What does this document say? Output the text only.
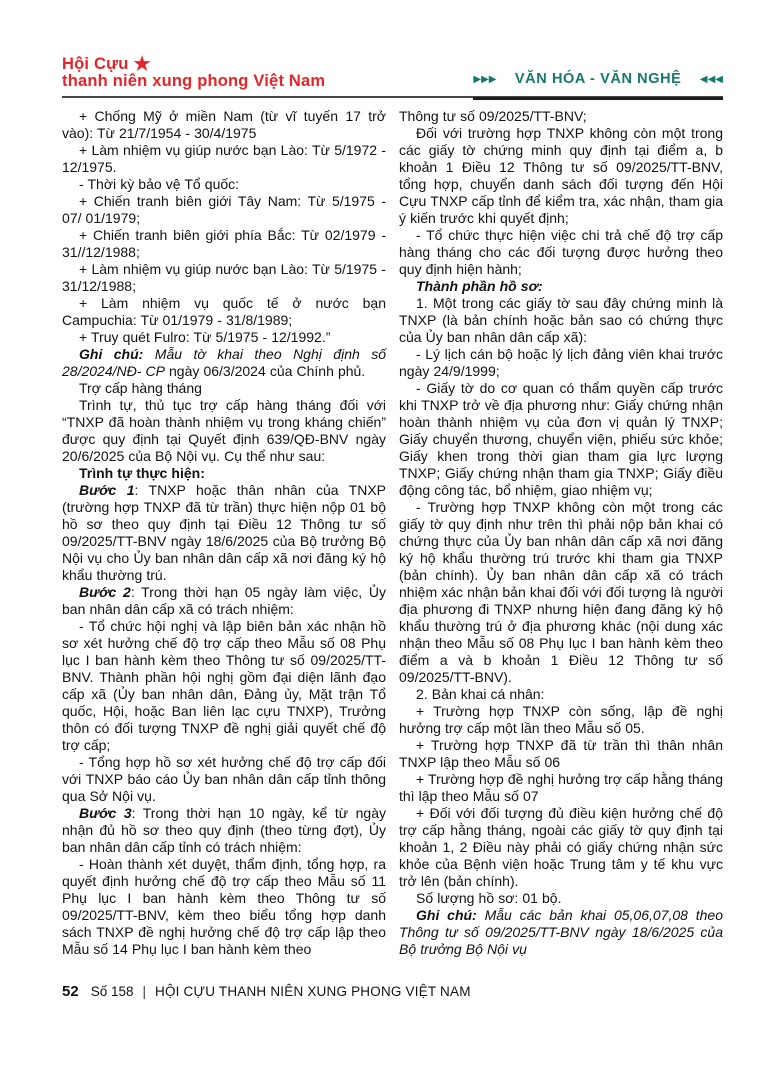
Hội Cựu ★
thanh niên xung phong Việt Nam	▶▶▶ VĂN HÓA - VĂN NGHỆ ◀◀◀

+ Chống Mỹ ở miền Nam (từ vĩ tuyến 17 trở vào): Từ 21/7/1954 - 30/4/1975

+ Làm nhiệm vụ giúp nước bạn Lào: Từ 5/1972 - 12/1975.

- Thời kỳ bảo vệ Tổ quốc:

+ Chiến tranh biên giới Tây Nam: Từ 5/1975 - 07/ 01/1979;

+ Chiến tranh biên giới phía Bắc: Từ 02/1979 - 31//12/1988;

+ Làm nhiệm vụ giúp nước bạn Lào: Từ 5/1975 - 31/12/1988;

+ Làm nhiệm vụ quốc tế ở nước bạn Campuchia: Từ 01/1979 - 31/8/1989;

+ Truy quét Fulro: Từ 5/1975 - 12/1992.”

Ghi chú: Mẫu tờ khai theo Nghị định số 28/2024/NĐ- CP ngày 06/3/2024 của Chính phủ.

Trợ cấp hàng tháng

Trình tự, thủ tục trợ cấp hàng tháng đối với “TNXP đã hoàn thành nhiệm vụ trong kháng chiến” được quy định tại Quyết định 639/QĐ-BNV ngày 20/6/2025 của Bộ Nội vụ. Cụ thể như sau:

Trình tự thực hiện:

Bước 1: TNXP hoặc thân nhân của TNXP (trường hợp TNXP đã từ trần) thực hiện nộp 01 bộ hồ sơ theo quy định tại Điều 12 Thông tư số 09/2025/TT-BNV ngày 18/6/2025 của Bộ trưởng Bộ Nội vụ cho Ủy ban nhân dân cấp xã nơi đăng ký hộ khẩu thường trú.

Bước 2: Trong thời hạn 05 ngày làm việc, Ủy ban nhân dân cấp xã có trách nhiệm:

- Tổ chức hội nghị và lập biên bản xác nhận hồ sơ xét hưởng chế độ trợ cấp theo Mẫu số 08 Phụ lục I ban hành kèm theo Thông tư số 09/2025/TT-BNV. Thành phần hội nghị gồm đại diện lãnh đạo cấp xã (Ủy ban nhân dân, Đảng ủy, Mặt trận Tổ quốc, Hội, hoặc Ban liên lạc cựu TNXP), Trưởng thôn có đối tượng TNXP đề nghị giải quyết chế độ trợ cấp;

- Tổng hợp hồ sơ xét hưởng chế độ trợ cấp đối với TNXP báo cáo Ủy ban nhân dân cấp tỉnh thông qua Sở Nội vụ.

Bước 3: Trong thời hạn 10 ngày, kể từ ngày nhận đủ hồ sơ theo quy định (theo từng đợt), Ủy ban nhân dân cấp tỉnh có trách nhiệm:

- Hoàn thành xét duyệt, thẩm định, tổng hợp, ra quyết định hưởng chế độ trợ cấp theo Mẫu số 11 Phụ lục I ban hành kèm theo Thông tư số 09/2025/TT-BNV, kèm theo biểu tổng hợp danh sách TNXP đề nghị hưởng chế độ trợ cấp lập theo Mẫu số 14 Phụ lục I ban hành kèm theo

Thông tư số 09/2025/TT-BNV;

Đối với trường hợp TNXP không còn một trong các giấy tờ chứng minh quy định tại điểm a, b khoản 1 Điều 12 Thông tư số 09/2025/TT-BNV, tổng hợp, chuyển danh sách đối tượng đến Hội Cựu TNXP cấp tỉnh để kiểm tra, xác nhận, tham gia ý kiến trước khi quyết định;

- Tổ chức thực hiện việc chi trả chế độ trợ cấp hàng tháng cho các đối tượng được hưởng theo quy định hiện hành;

Thành phần hồ sơ:

1. Một trong các giấy tờ sau đây chứng minh là TNXP (là bản chính hoặc bản sao có chứng thực của Ủy ban nhân dân cấp xã):

- Lý lịch cán bộ hoặc lý lịch đảng viên khai trước ngày 24/9/1999;

- Giấy tờ do cơ quan có thẩm quyền cấp trước khi TNXP trở về địa phương như: Giấy chứng nhận hoàn thành nhiệm vụ của đơn vị quản lý TNXP; Giấy chuyển thương, chuyển viện, phiếu sức khỏe; Giấy khen trong thời gian tham gia lực lượng TNXP; Giấy chứng nhận tham gia TNXP; Giấy điều động công tác, bổ nhiệm, giao nhiệm vụ;

- Trường hợp TNXP không còn một trong các giấy tờ quy định như trên thì phải nộp bản khai có chứng thực của Ủy ban nhân dân cấp xã nơi đăng ký hộ khẩu thường trú trước khi tham gia TNXP (bản chính). Ủy ban nhân dân cấp xã có trách nhiệm xác nhận bản khai đối với đối tượng là người địa phương đi TNXP nhưng hiện đang đăng ký hộ khẩu thường trú ở địa phương khác (nội dung xác nhận theo Mẫu số 08 Phụ lục I ban hành kèm theo điểm a và b khoản 1 Điều 12 Thông tư số 09/2025/TT-BNV).

2. Bản khai cá nhân:

+ Trường hợp TNXP còn sống, lập đề nghị hưởng trợ cấp một lần theo Mẫu số 05.

+ Trường hợp TNXP đã từ trần thì thân nhân TNXP lập theo Mẫu số 06

+ Trường hợp đề nghị hưởng trợ cấp hằng tháng thì lập theo Mẫu số 07

+ Đối với đối tượng đủ điều kiện hưởng chế độ trợ cấp hằng tháng, ngoài các giấy tờ quy định tại khoản 1, 2 Điều này phải có giấy chứng nhận sức khỏe của Bệnh viện hoặc Trung tâm y tế khu vực trở lên (bản chính).

Số lượng hồ sơ: 01 bộ.

Ghi chú: Mẫu các bản khai 05,06,07,08 theo Thông tư số 09/2025/TT-BNV ngày 18/6/2025 của Bộ trưởng Bộ Nội vụ

52 Số 158 | HỘI CỰU THANH NIÊN XUNG PHONG VIỆT NAM
